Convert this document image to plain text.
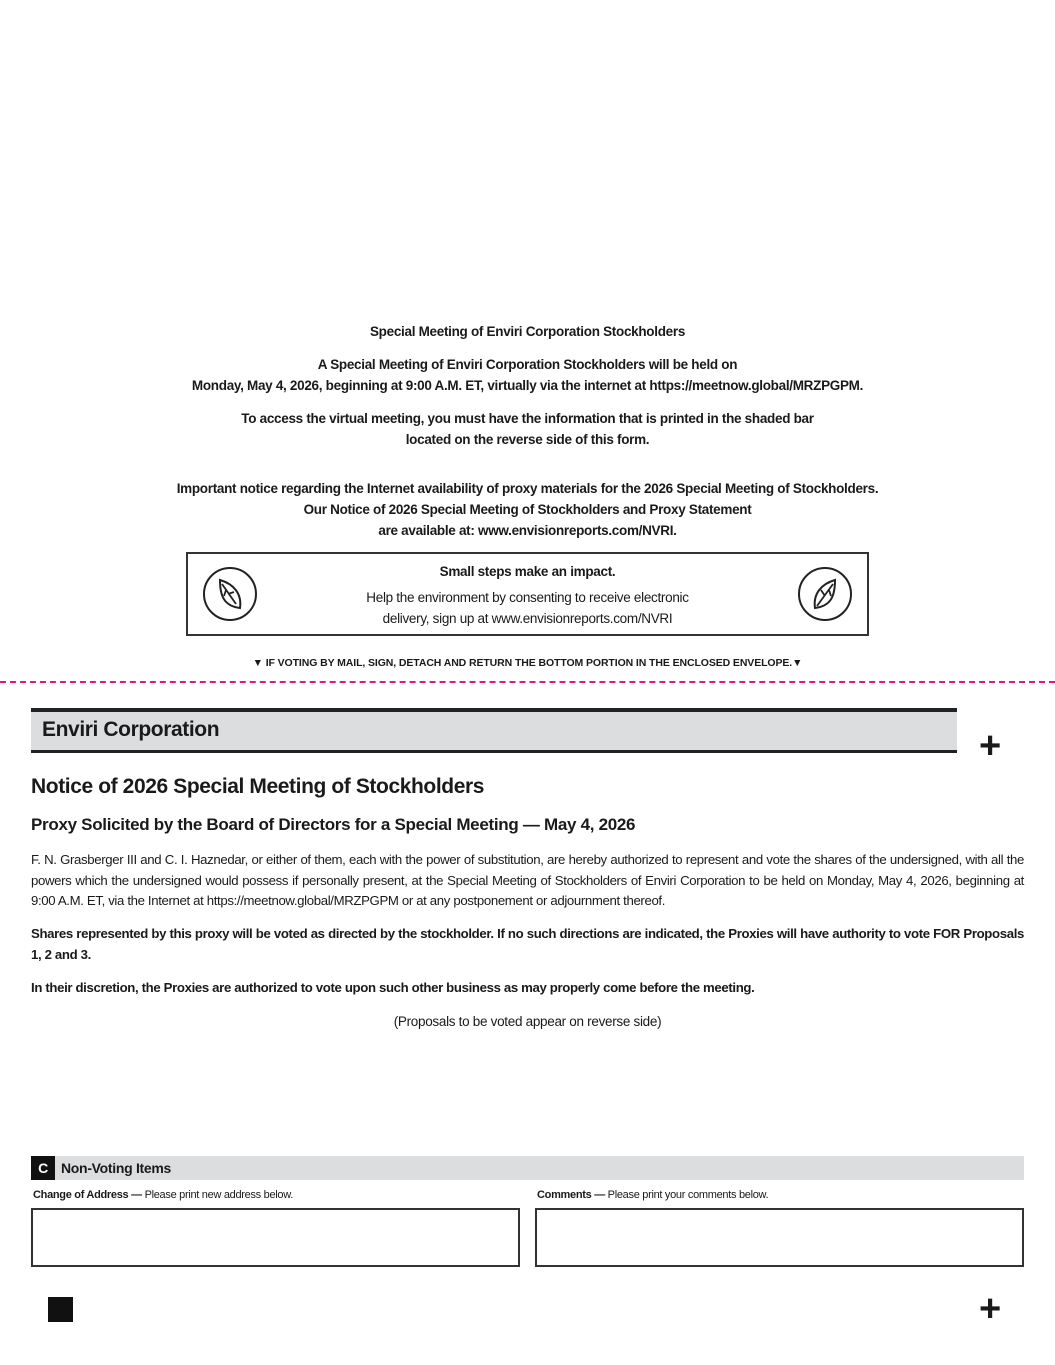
Special Meeting of Enviri Corporation Stockholders
A Special Meeting of Enviri Corporation Stockholders will be held on
Monday, May 4, 2026, beginning at 9:00 A.M. ET, virtually via the internet at https://meetnow.global/MRZPGPM.
To access the virtual meeting, you must have the information that is printed in the shaded bar
located on the reverse side of this form.
Important notice regarding the Internet availability of proxy materials for the 2026 Special Meeting of Stockholders.
Our Notice of 2026 Special Meeting of Stockholders and Proxy Statement
are available at: www.envisionreports.com/NVRI.
Small steps make an impact.
Help the environment by consenting to receive electronic
delivery, sign up at www.envisionreports.com/NVRI
▼ IF VOTING BY MAIL, SIGN, DETACH AND RETURN THE BOTTOM PORTION IN THE ENCLOSED ENVELOPE.▼
Enviri Corporation	+
Notice of 2026 Special Meeting of Stockholders
Proxy Solicited by the Board of Directors for a Special Meeting — May 4, 2026
F. N. Grasberger III and C. I. Haznedar, or either of them, each with the power of substitution, are hereby authorized to represent and vote the shares of the undersigned, with all the powers which the undersigned would possess if personally present, at the Special Meeting of Stockholders of Enviri Corporation to be held on Monday, May 4, 2026, beginning at 9:00 A.M. ET, via the Internet at https://meetnow.global/MRZPGPM or at any postponement or adjournment thereof.
Shares represented by this proxy will be voted as directed by the stockholder. If no such directions are indicated, the Proxies will have authority to vote FOR Proposals 1, 2 and 3.
In their discretion, the Proxies are authorized to vote upon such other business as may properly come before the meeting.
(Proposals to be voted appear on reverse side)
C Non-Voting Items
Change of Address — Please print new address below.	Comments — Please print your comments below.
+
